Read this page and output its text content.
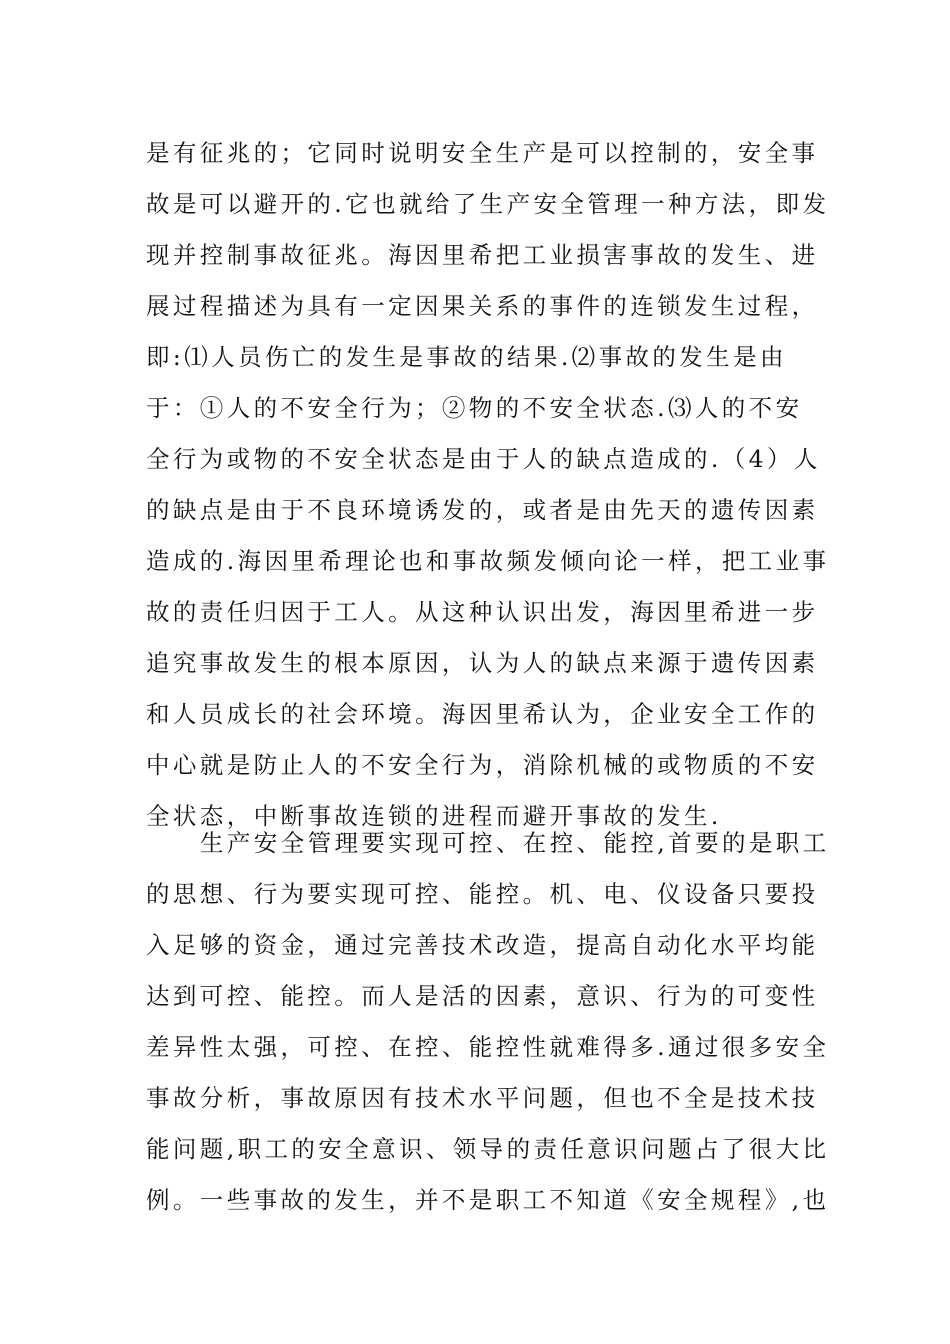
是有征兆的；它同时说明安全生产是可以控制的，安全事
故是可以避开的.它也就给了生产安全管理一种方法，即发
现并控制事故征兆。海因里希把工业损害事故的发生、进
展过程描述为具有一定因果关系的事件的连锁发生过程，
即:⑴人员伤亡的发生是事故的结果.⑵事故的发生是由
于：①人的不安全行为；②物的不安全状态.⑶人的不安
全行为或物的不安全状态是由于人的缺点造成的.（4）人
的缺点是由于不良环境诱发的，或者是由先天的遗传因素
造成的.海因里希理论也和事故频发倾向论一样，把工业事
故的责任归因于工人。从这种认识出发，海因里希进一步
追究事故发生的根本原因，认为人的缺点来源于遗传因素
和人员成长的社会环境。海因里希认为，企业安全工作的
中心就是防止人的不安全行为，消除机械的或物质的不安
全状态，中断事故连锁的进程而避开事故的发生.
生产安全管理要实现可控、在控、能控,首要的是职工
的思想、行为要实现可控、能控。机、电、仪设备只要投
入足够的资金，通过完善技术改造，提高自动化水平均能
达到可控、能控。而人是活的因素，意识、行为的可变性
差异性太强，可控、在控、能控性就难得多.通过很多安全
事故分析，事故原因有技术水平问题，但也不全是技术技
能问题,职工的安全意识、领导的责任意识问题占了很大比
例。一些事故的发生，并不是职工不知道《安全规程》,也
